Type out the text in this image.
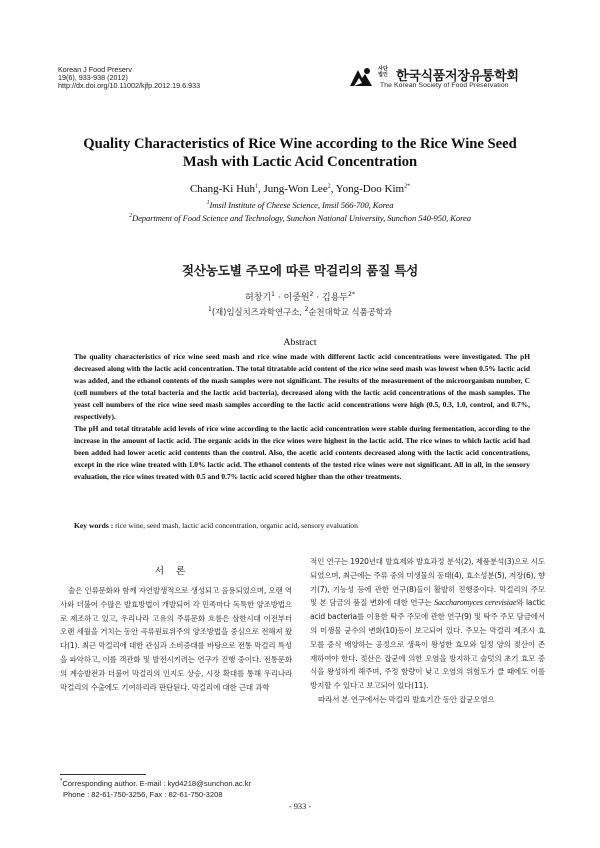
Korean J Food Preserv
19(6), 933-938 (2012)
http://dx.doi.org/10.11002/kjfp.2012.19.6.933
사단
법인 한국식품저장유통학회
The Korean Society of Food Preservation
Quality Characteristics of Rice Wine according to the Rice Wine Seed
Mash with Lactic Acid Concentration
Chang-Ki Huh$^1$, Jung-Won Lee$^2$, Yong-Doo Kim$^{2*}$
$^1$Imsil Institute of Cheese Science, Imsil 566-700, Korea
$^2$Department of Food Science and Technology, Sunchon National University, Sunchon 540-950, Korea
젖산농도별 주모에 따른 막걸리의 품질 특성
허창기$^1$ · 이중원$^2$ · 김용두$^{2*}$
$^1$(재)임실치즈과학연구소, $^2$순천대학교 식품공학과
Abstract

The quality characteristics of rice wine seed mash and rice wine made with different lactic acid concentrations were investigated. The pH decreased along with the lactic acid concentration. The total titratable acid content of the rice wine seed mash was lowest when 0.5% lactic acid was added, and the ethanol contents of the mash samples were not significant. The results of the measurement of the microorganism number, C (cell numbers of the total bacteria and the lactic acid bacteria), decreased along with the lactic acid concentrations of the mash samples. The yeast cell numbers of the rice wine seed mash samples according to the lactic acid concentrations were high (0.5, 0.3, 1.0, control, and 0.7%, respectively).

The pH and total titratable acid levels of rice wine according to the lactic acid concentration were stable during fermentation, according to the increase in the amount of lactic acid. The organic acids in the rice wines were highest in the lactic acid. The rice wines to which lactic acid had been added had lower acetic acid contents than the control. Also, the acetic acid contents decreased along with the lactic acid concentrations, except in the rice wine treated with 1.0% lactic acid. The ethanol contents of the tested rice wines were not significant. All in all, in the sensory evaluation, the rice wines treated with 0.5 and 0.7% lactic acid scored higher than the other treatments.

Key words : rice wine, seed mash, lactic acid concentration, organic acid, sensory evaluation
서론

술은 인류문화와 함께 자연발생적으로 생성되고 음용되었으며, 오랜 역사와 더불어 수많은 발효방법이 개발되어 각 민족마다 독특한 양조방법으로 제조하고 있고, 우리나라 고유의 주류문화 흐름은 삼한시대 이전부터 오랜 세월을 거치는 동안 곡류원료위주의 양조방법을 중심으로 전해져 왔다(1). 최근 막걸리에 대한 관심과 소비증대를 바탕으로 전통 막걸리 특성을 파악하고, 이를 객관화 및 발전시키려는 연구가 진행 중이다. 전통문화의 계승발전과 더불어 막걸리의 인지도 상승, 시장 확대를 통해 우리나라 막걸리의 수출에도 기여하리라 판단된다. 막걸리에 대한 근대 과학

적인 연구는 1920년대 발효제와 발효과정 분석(2), 제품분석(3)으로 시도 되었으며, 최근에는 주류 중의 미생물의 동태(4), 효소성분(5), 저장(6), 향기(7), 기능성 등에 관한 연구(8)들이 활발히 진행중이다. 막걸리의 주모 및 본 담금의 품질 변화에 대한 연구는 Saccharomyces cerevisiae와 lactic acid bacteria를 이용한 탁주 주모에 관한 연구(9) 및 탁주 주모 담금에서의 미생물 균수의 변화(10)등이 보고되어 있다. 주모는 막걸리 제조시 효모를 증식 배양하는 공정으로 생육이 왕성한 효모와 일정 양의 젖산이 존재하여야 한다. 젖산은 잡균에 의한 오염을 방지하고 술덧의 초기 효모 증식을 왕성하게 해주며, 주정 함량이 낮고 오염의 위험도가 클 때에도 이를 방지할 수 있다고 보고되어 있다(11).

따라서 본 연구에서는 막걸리 발효기간 동안 잡균오염으

*Corresponding author. E-mail : kyd4218@sunchon.ac.kr
Phone : 82-61-750-3256, Fax : 82-61-750-3208
- 933 -
